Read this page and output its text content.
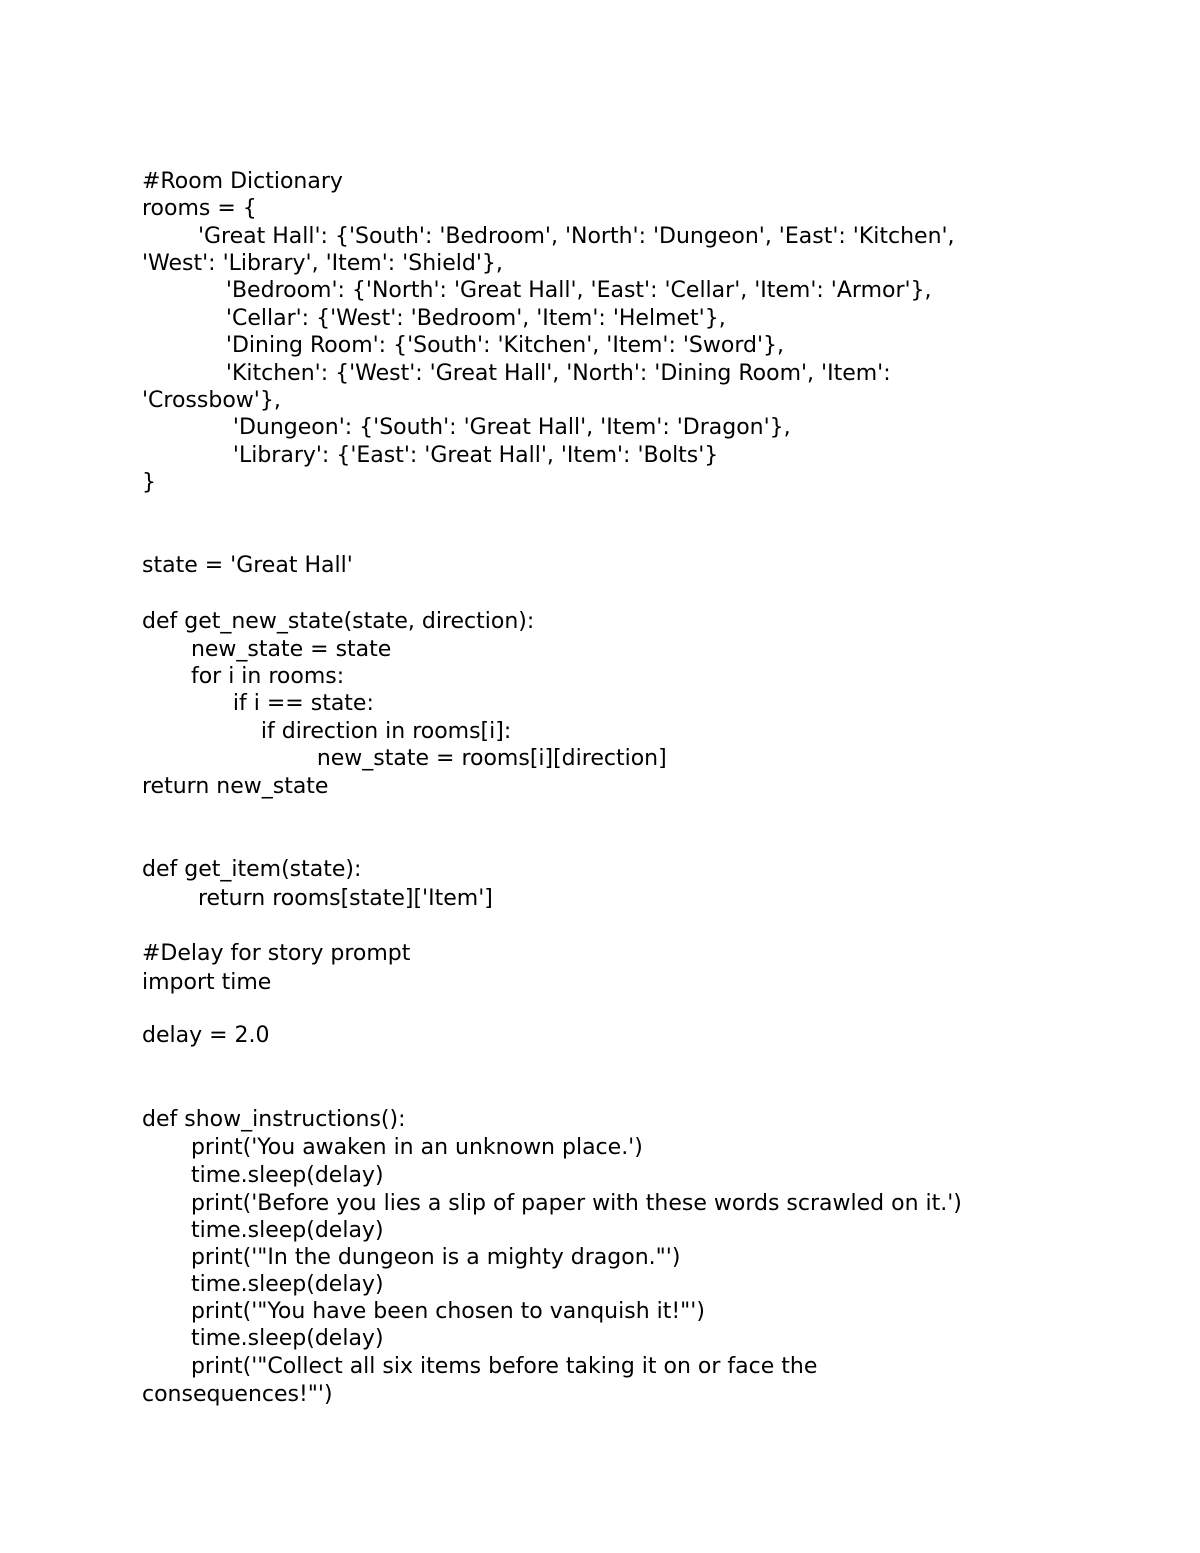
#Room Dictionary
rooms = {
'Great Hall': {'South': 'Bedroom', 'North': 'Dungeon', 'East': 'Kitchen',
'West': 'Library', 'Item': 'Shield'},
'Bedroom': {'North': 'Great Hall', 'East': 'Cellar', 'Item': 'Armor'},
'Cellar': {'West': 'Bedroom', 'Item': 'Helmet'},
'Dining Room': {'South': 'Kitchen', 'Item': 'Sword'},
'Kitchen': {'West': 'Great Hall', 'North': 'Dining Room', 'Item':
'Crossbow'},
'Dungeon': {'South': 'Great Hall', 'Item': 'Dragon'},
'Library': {'East': 'Great Hall', 'Item': 'Bolts'}
}
state = 'Great Hall'
def get_new_state(state, direction):
new_state = state
for i in rooms:
if i == state:
if direction in rooms[i]:
new_state = rooms[i][direction]
return new_state
def get_item(state):
return rooms[state]['Item']
#Delay for story prompt
import time
delay = 2.0
def show_instructions():
print('You awaken in an unknown place.')
time.sleep(delay)
print('Before you lies a slip of paper with these words scrawled on it.')
time.sleep(delay)
print('"In the dungeon is a mighty dragon."')
time.sleep(delay)
print('"You have been chosen to vanquish it!"')
time.sleep(delay)
print('"Collect all six items before taking it on or face the
consequences!"')
